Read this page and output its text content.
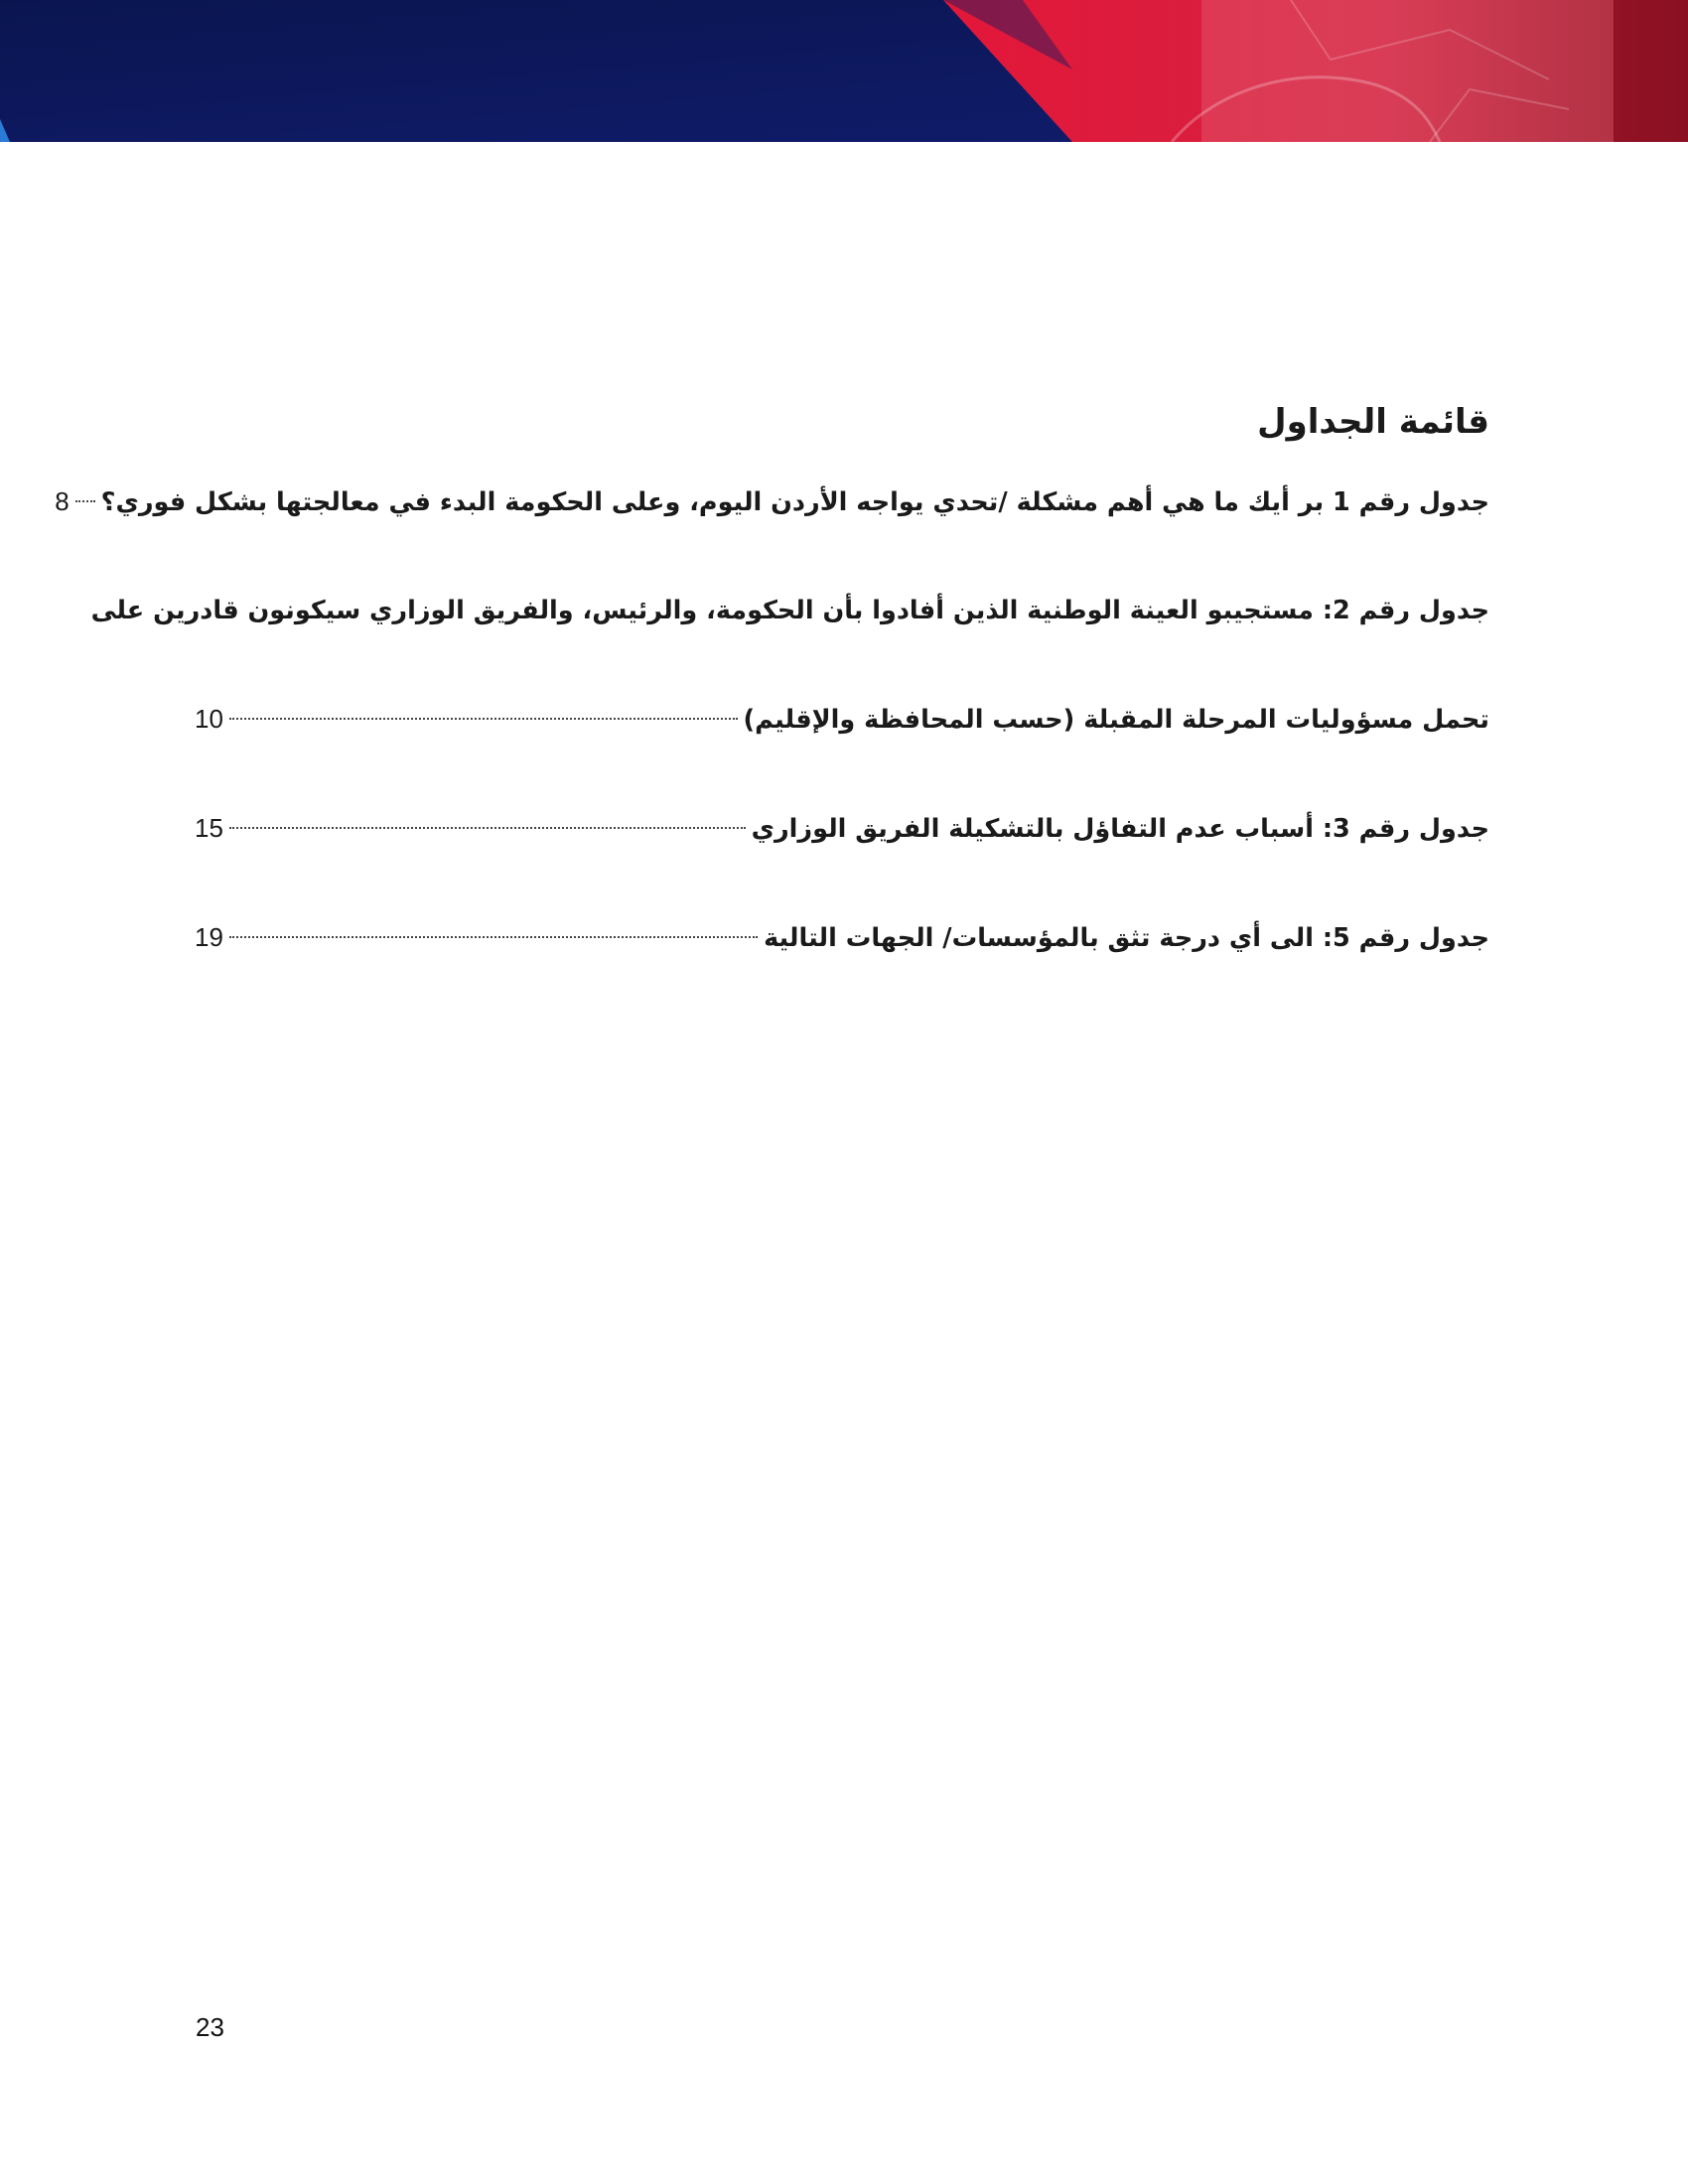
قائمة الجداول
جدول رقم 1 بر أيك ما هي أهم مشكلة /تحدي يواجه الأردن اليوم، وعلى الحكومة البدء في معالجتها بشكل فوري؟
8
جدول رقم 2: مستجيبو العينة الوطنية الذين أفادوا بأن الحكومة، والرئيس، والفريق الوزاري سيكونون قادرين على
تحمل مسؤوليات المرحلة المقبلة (حسب المحافظة والإقليم)
10
جدول رقم 3: أسباب عدم التفاؤل بالتشكيلة الفريق الوزاري
15
جدول رقم 5: الى أي درجة تثق بالمؤسسات/ الجهات التالية
19
23
